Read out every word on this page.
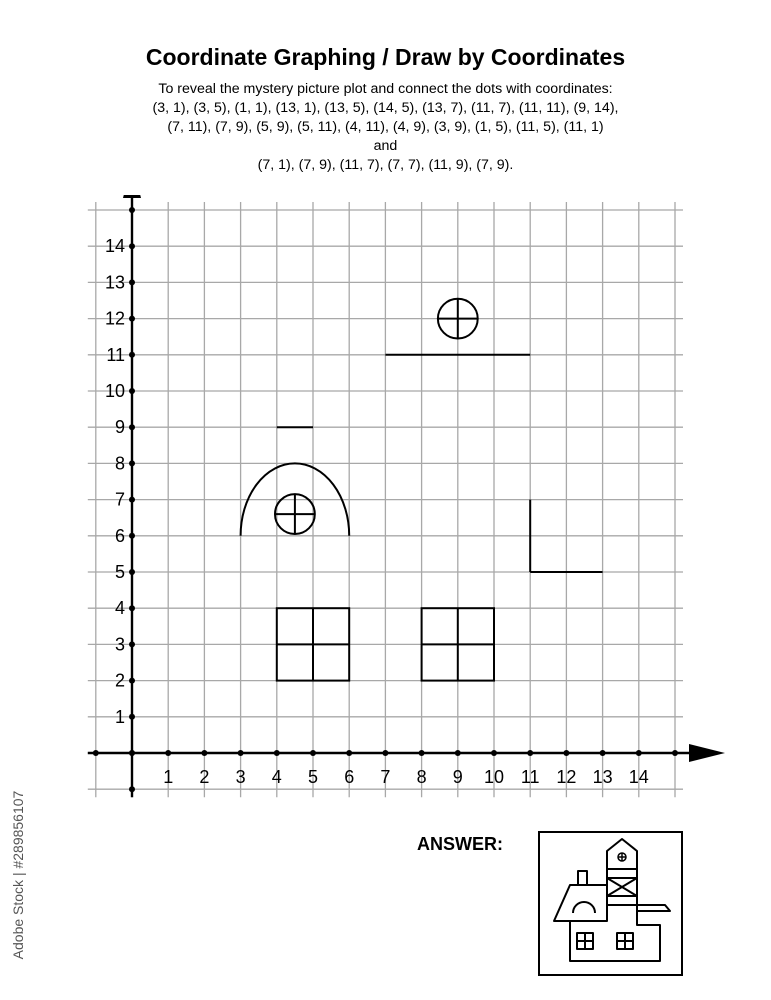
Coordinate Graphing / Draw by Coordinates
To reveal the mystery picture plot and connect the dots with coordinates:
(3, 1), (3, 5), (1, 1), (13, 1), (13, 5), (14, 5), (13, 7), (11, 7), (11, 11), (9, 14),
(7, 11), (7, 9), (5, 9), (5, 11), (4, 11), (4, 9), (3, 9), (1, 5), (11, 5), (11, 1)
and
(7, 1), (7, 9), (11, 7), (7, 7), (11, 9), (7, 9).
1 2 3 4 5 6 7 8 9 10 11 12 13 14
1
2
3
4
5
6
7
8
9
10
11
12
13
14
ANSWER:
Adobe Stock | #289856107
